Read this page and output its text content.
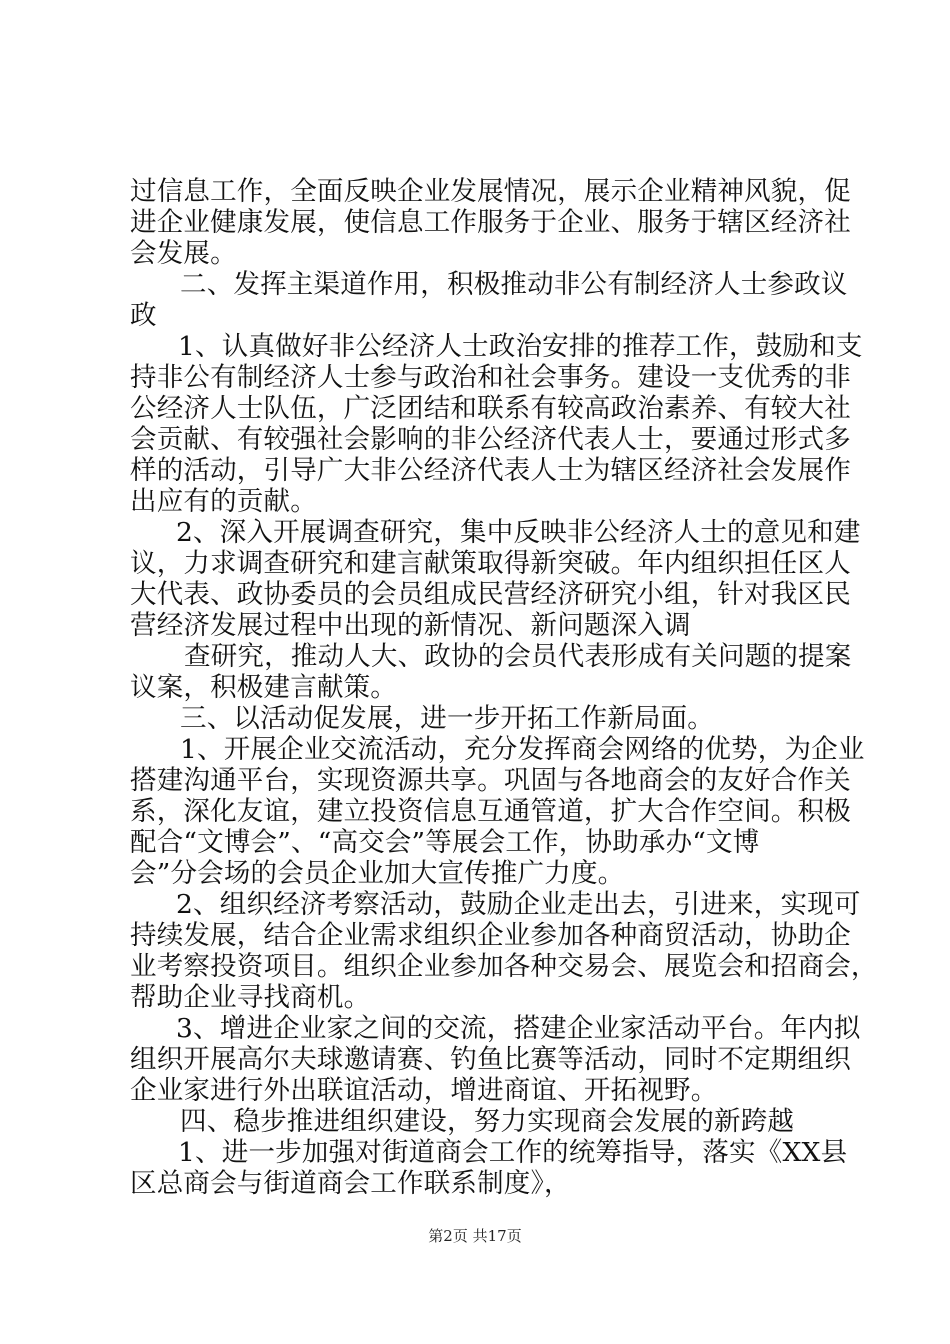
过信息工作，全面反映企业发展情况，展示企业精神风貌，促
进企业健康发展，使信息工作服务于企业、服务于辖区经济社
会发展。
二、发挥主渠道作用，积极推动非公有制经济人士参政议
政
1、认真做好非公经济人士政治安排的推荐工作，鼓励和支
持非公有制经济人士参与政治和社会事务。建设一支优秀的非
公经济人士队伍，广泛团结和联系有较高政治素养、有较大社
会贡献、有较强社会影响的非公经济代表人士，要通过形式多
样的活动，引导广大非公经济代表人士为辖区经济社会发展作
出应有的贡献。
2、深入开展调查研究，集中反映非公经济人士的意见和建
议，力求调查研究和建言献策取得新突破。年内组织担任区人
大代表、政协委员的会员组成民营经济研究小组，针对我区民
营经济发展过程中出现的新情况、新问题深入调
查研究，推动人大、政协的会员代表形成有关问题的提案
议案，积极建言献策。
三、以活动促发展，进一步开拓工作新局面。
1、开展企业交流活动，充分发挥商会网络的优势，为企业
搭建沟通平台，实现资源共享。巩固与各地商会的友好合作关
系，深化友谊，建立投资信息互通管道，扩大合作空间。积极
配合“文博会”、“高交会”等展会工作，协助承办“文博
会”分会场的会员企业加大宣传推广力度。
2、组织经济考察活动，鼓励企业走出去，引进来，实现可
持续发展，结合企业需求组织企业参加各种商贸活动，协助企
业考察投资项目。组织企业参加各种交易会、展览会和招商会，
帮助企业寻找商机。
3、增进企业家之间的交流，搭建企业家活动平台。年内拟
组织开展高尔夫球邀请赛、钓鱼比赛等活动，同时不定期组织
企业家进行外出联谊活动，增进商谊、开拓视野。
四、稳步推进组织建设，努力实现商会发展的新跨越
1、进一步加强对街道商会工作的统筹指导，落实《XX县
区总商会与街道商会工作联系制度》，
第2页 共17页
